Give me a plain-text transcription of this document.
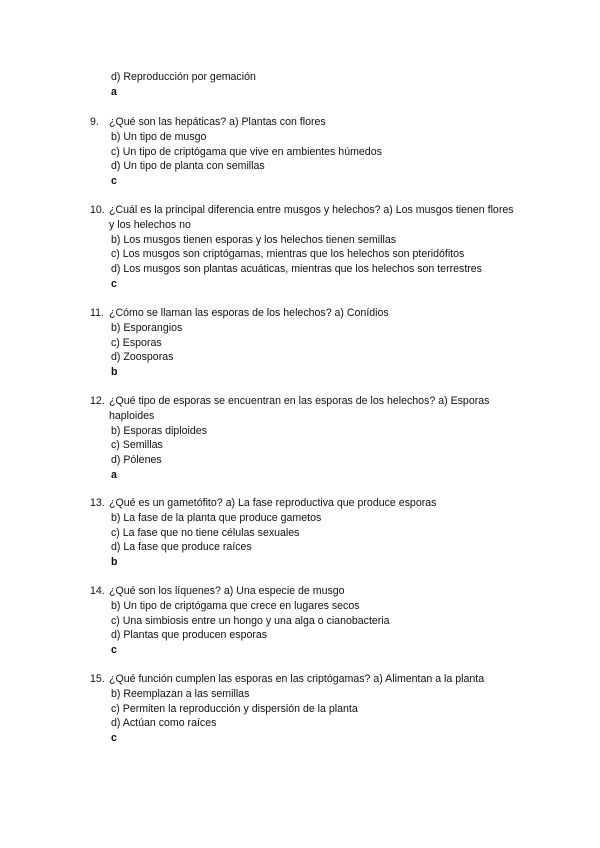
d) Reproducción por gemación
a
9. ¿Qué son las hepáticas? a) Plantas con flores
b) Un tipo de musgo
c) Un tipo de criptógama que vive en ambientes húmedos
d) Un tipo de planta con semillas
c
10. ¿Cuál es la principal diferencia entre musgos y helechos? a) Los musgos tienen flores y los helechos no
b) Los musgos tienen esporas y los helechos tienen semillas
c) Los musgos son criptógamas, mientras que los helechos son pteridófitos
d) Los musgos son plantas acuáticas, mientras que los helechos son terrestres
c
11. ¿Cómo se llaman las esporas de los helechos? a) Conídios
b) Esporangios
c) Esporas
d) Zoosporas
b
12. ¿Qué tipo de esporas se encuentran en las esporas de los helechos? a) Esporas haploides
b) Esporas diploides
c) Semillas
d) Pólenes
a
13. ¿Qué es un gametófito? a) La fase reproductiva que produce esporas
b) La fase de la planta que produce gametos
c) La fase que no tiene células sexuales
d) La fase que produce raíces
b
14. ¿Qué son los líquenes? a) Una especie de musgo
b) Un tipo de criptógama que crece en lugares secos
c) Una simbiosis entre un hongo y una alga o cianobacteria
d) Plantas que producen esporas
c
15. ¿Qué función cumplen las esporas en las criptógamas? a) Alimentan a la planta
b) Reemplazan a las semillas
c) Permiten la reproducción y dispersión de la planta
d) Actúan como raíces
c
